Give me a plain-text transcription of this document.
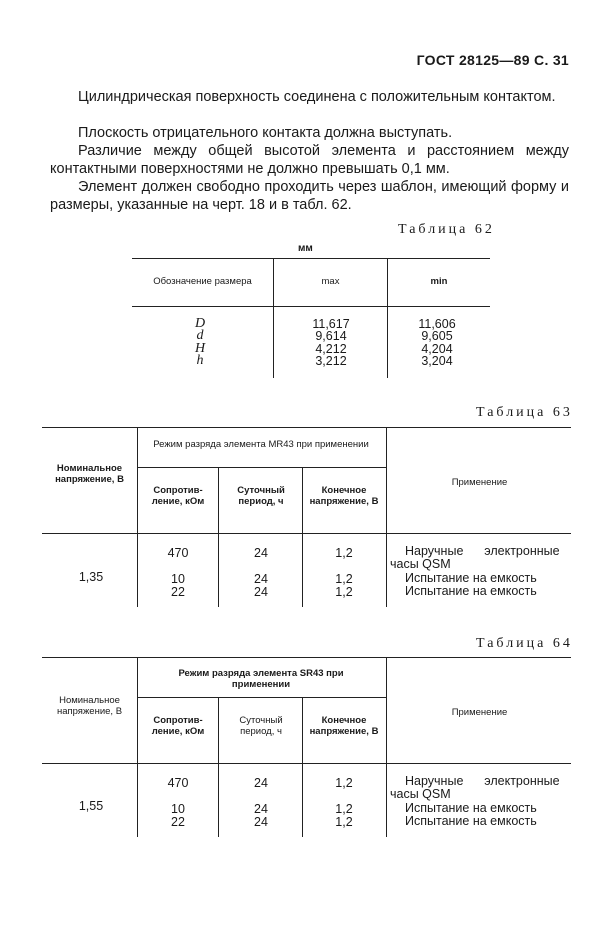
ГОСТ 28125—89 С. 31
Цилиндрическая поверхность соединена с положительным контактом.
Плоскость отрицательного контакта должна выступать.
Различие между общей высотой элемента и расстоянием между контактными поверхностями не должно превышать 0,1 мм.
Элемент должен свободно проходить через шаблон, имеющий форму и размеры, указанные на черт. 18 и в табл. 62.
Таблица 62
мм
Обозначение размера	max	min
D
d
H
h
11,617
9,614
4,212
3,212
11,606
9,605
4,204
3,204
Таблица 63
Номинальное напряжение, В
Режим разряда элемента MR43 при применении
Сопротив-ление, кОм
Суточный период, ч
Конечное напряжение, В
Применение
1,35
470
10
22
24
24
24
1,2
1,2
1,2
Наручные      электронные
часы QSM
Испытание на емкость
Испытание на емкость
Таблица 64
Номинальное напряжение, В
Режим разряда элемента SR43 при применении
Сопротив-ление, кОм
Суточный период, ч
Конечное напряжение, В
Применение
1,55
470
10
22
24
24
24
1,2
1,2
1,2
Наручные      электронные
часы QSM
Испытание на емкость
Испытание на емкость
